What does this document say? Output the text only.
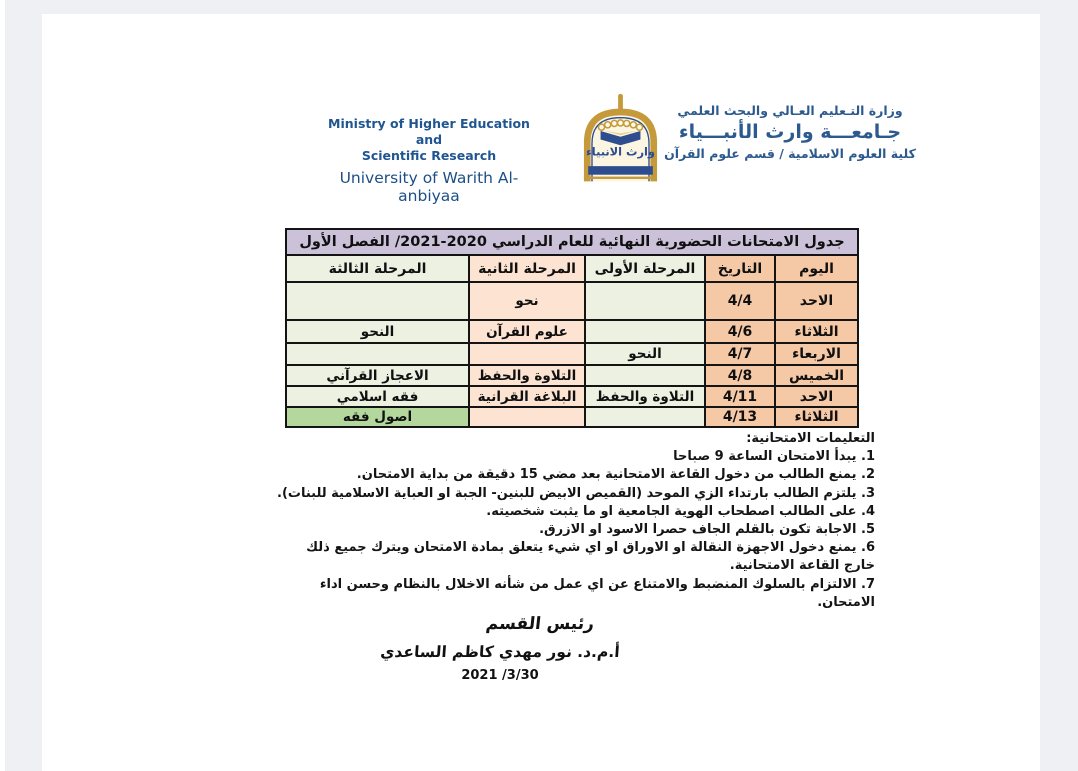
Ministry of Higher Education and
Scientific Research
University of Warith Al- anbiyaa
وارث الانبياء
وزارة التـعليم العـالي والبحث العلمي
جـامعـــة وارث الأنبـــياء
كلية العلوم الاسلامية / قسم علوم القرآن
جدول الامتحانات الحضورية النهائية للعام الدراسي 2020-2021/ الفصل الأول				
اليوم	التاريخ	المرحلة الأولى	المرحلة الثانية	المرحلة الثالثة
الاحد	4/4		نحو	
الثلاثاء	4/6		علوم القرآن	النحو
الاربعاء	4/7	النحو		
الخميس	4/8		التلاوة والحفظ	الاعجاز القرآني
الاحد	4/11	التلاوة والحفظ	البلاغة القرانية	فقه اسلامي
الثلاثاء	4/13			اصول فقه
التعليمات الامتحانية:
1. يبدأ الامتحان الساعة 9 صباحا
2. يمنع الطالب من دخول القاعة الامتحانية بعد مضي 15 دقيقة من بداية الامتحان.
3. يلتزم الطالب بارتداء الزي الموحد (القميص الابيض للبنين- الجبة او العباية الاسلامية للبنات).
4. على الطالب اصطحاب الهوية الجامعية او ما يثبت شخصيته.
5. الاجابة تكون بالقلم الجاف حصرا الاسود او الازرق.
6. يمنع دخول الاجهزة النقالة او الاوراق او اي شيء يتعلق بمادة الامتحان ويترك جميع ذلك خارج القاعة الامتحانية.
7. الالتزام بالسلوك المنضبط والامتناع عن اي عمل من شأنه الاخلال بالنظام وحسن اداء الامتحان.
رئيس القسم
أ.م.د. نور مهدي كاظم الساعدي
2021 /3/30
